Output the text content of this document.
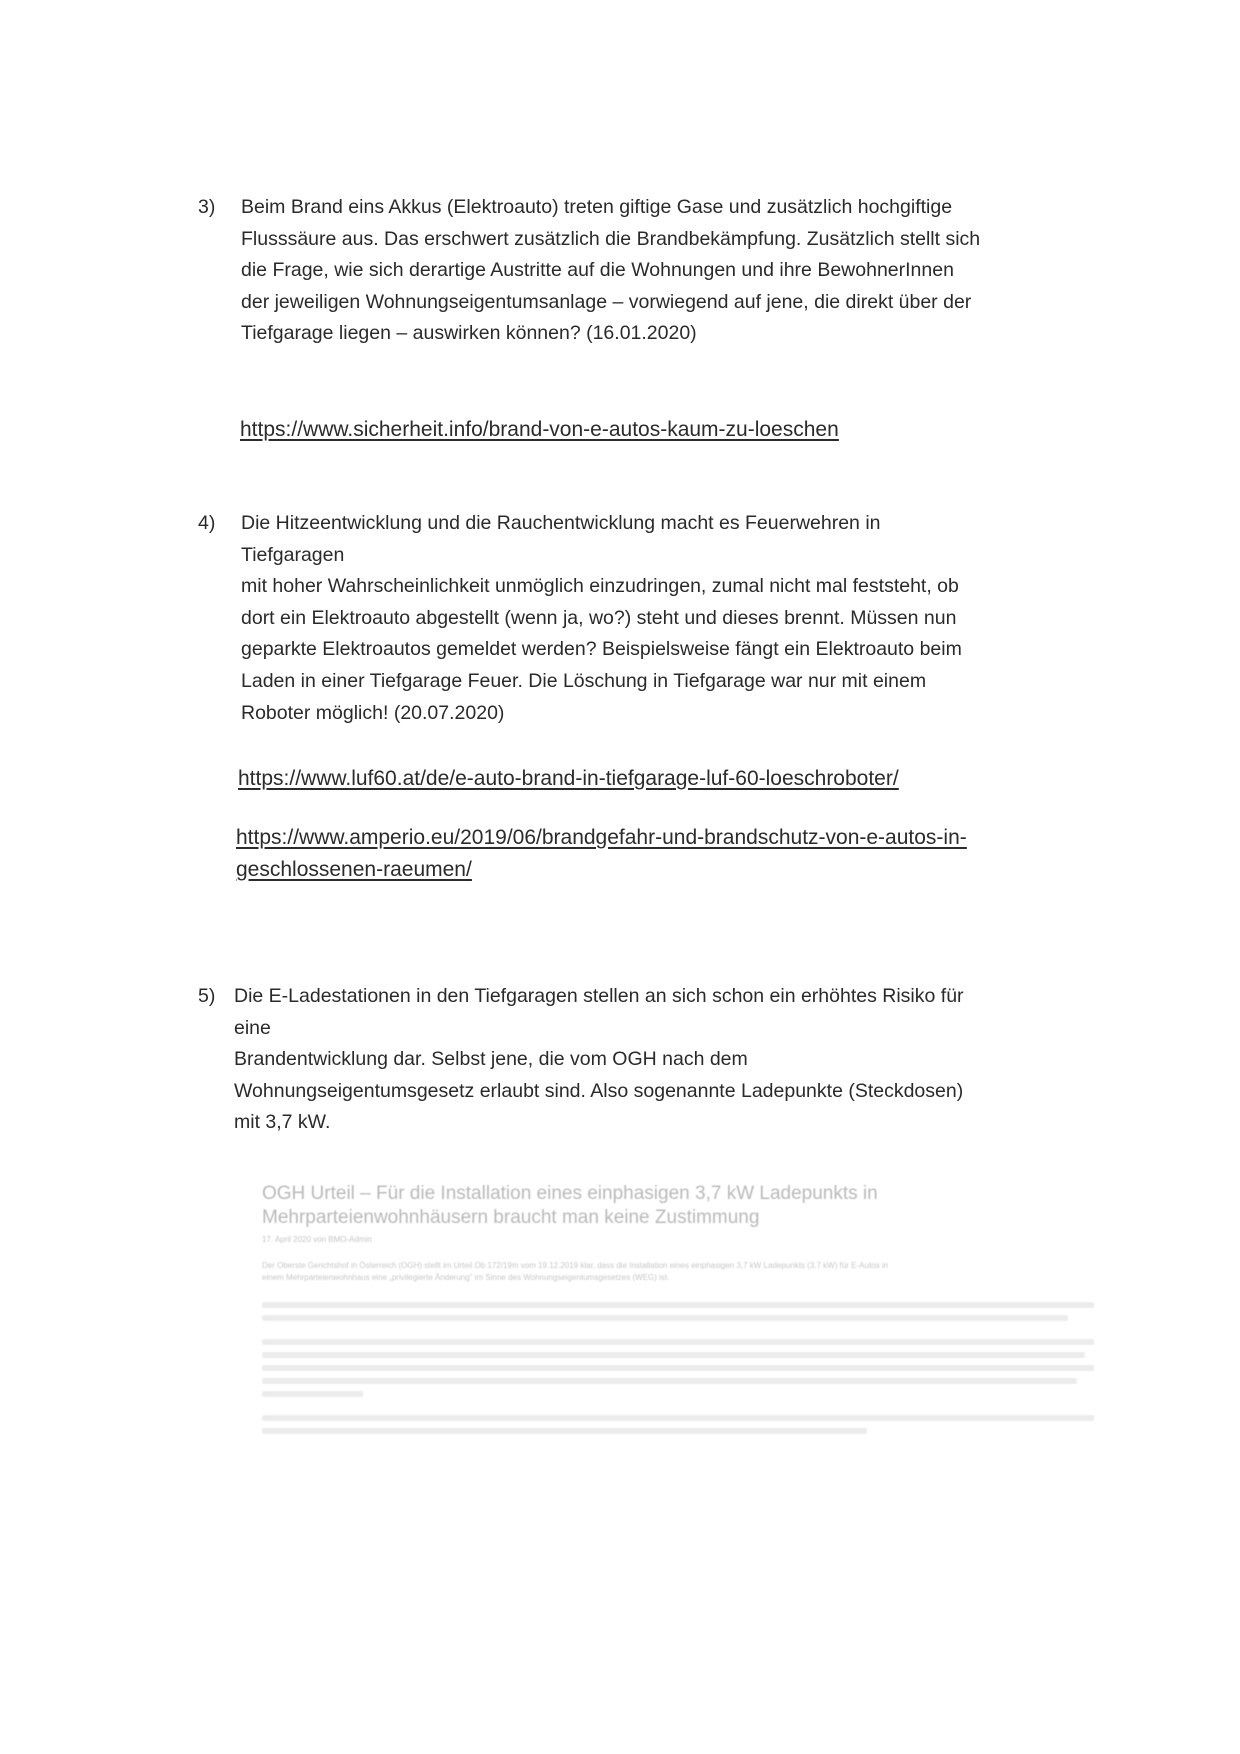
3) Beim Brand eins Akkus (Elektroauto) treten giftige Gase und zusätzlich hochgiftige
Flusssäure aus. Das erschwert zusätzlich die Brandbekämpfung. Zusätzlich stellt sich
die Frage, wie sich derartige Austritte auf die Wohnungen und ihre BewohnerInnen
der jeweiligen Wohnungseigentumsanlage – vorwiegend auf jene, die direkt über der
Tiefgarage liegen – auswirken können? (16.01.2020)
https://www.sicherheit.info/brand-von-e-autos-kaum-zu-loeschen
4) Die Hitzeentwicklung und die Rauchentwicklung macht es Feuerwehren in
Tiefgaragen
mit hoher Wahrscheinlichkeit unmöglich einzudringen, zumal nicht mal feststeht, ob
dort ein Elektroauto abgestellt (wenn ja, wo?) steht und dieses brennt. Müssen nun
geparkte Elektroautos gemeldet werden? Beispielsweise fängt ein Elektroauto beim
Laden in einer Tiefgarage Feuer. Die Löschung in Tiefgarage war nur mit einem
Roboter möglich! (20.07.2020)
https://www.luf60.at/de/e-auto-brand-in-tiefgarage-luf-60-loeschroboter/
https://www.amperio.eu/2019/06/brandgefahr-und-brandschutz-von-e-autos-in-
geschlossenen-raeumen/
5) Die E-Ladestationen in den Tiefgaragen stellen an sich schon ein erhöhtes Risiko für
eine
Brandentwicklung dar. Selbst jene, die vom OGH nach dem
Wohnungseigentumsgesetz erlaubt sind. Also sogenannte Ladepunkte (Steckdosen)
mit 3,7 kW.
OGH Urteil – Für die Installation eines einphasigen 3,7 kW Ladepunkts in
Mehrparteienwohnhäusern braucht man keine Zustimmung
17. April 2020 von BMO-Admin
Der Oberste Gerichtshof in Österreich (OGH) stellt im Urteil Ob 172/19m vom 19.12.2019 klar, dass die Installation eines einphasigen 3,7 kW Ladepunkts (3,7 kW) für E-Autos in
einem Mehrparteienwohnhaus eine „privilegierte Änderung" im Sinne des Wohnungseigentumsgesetzes (WEG) ist.
